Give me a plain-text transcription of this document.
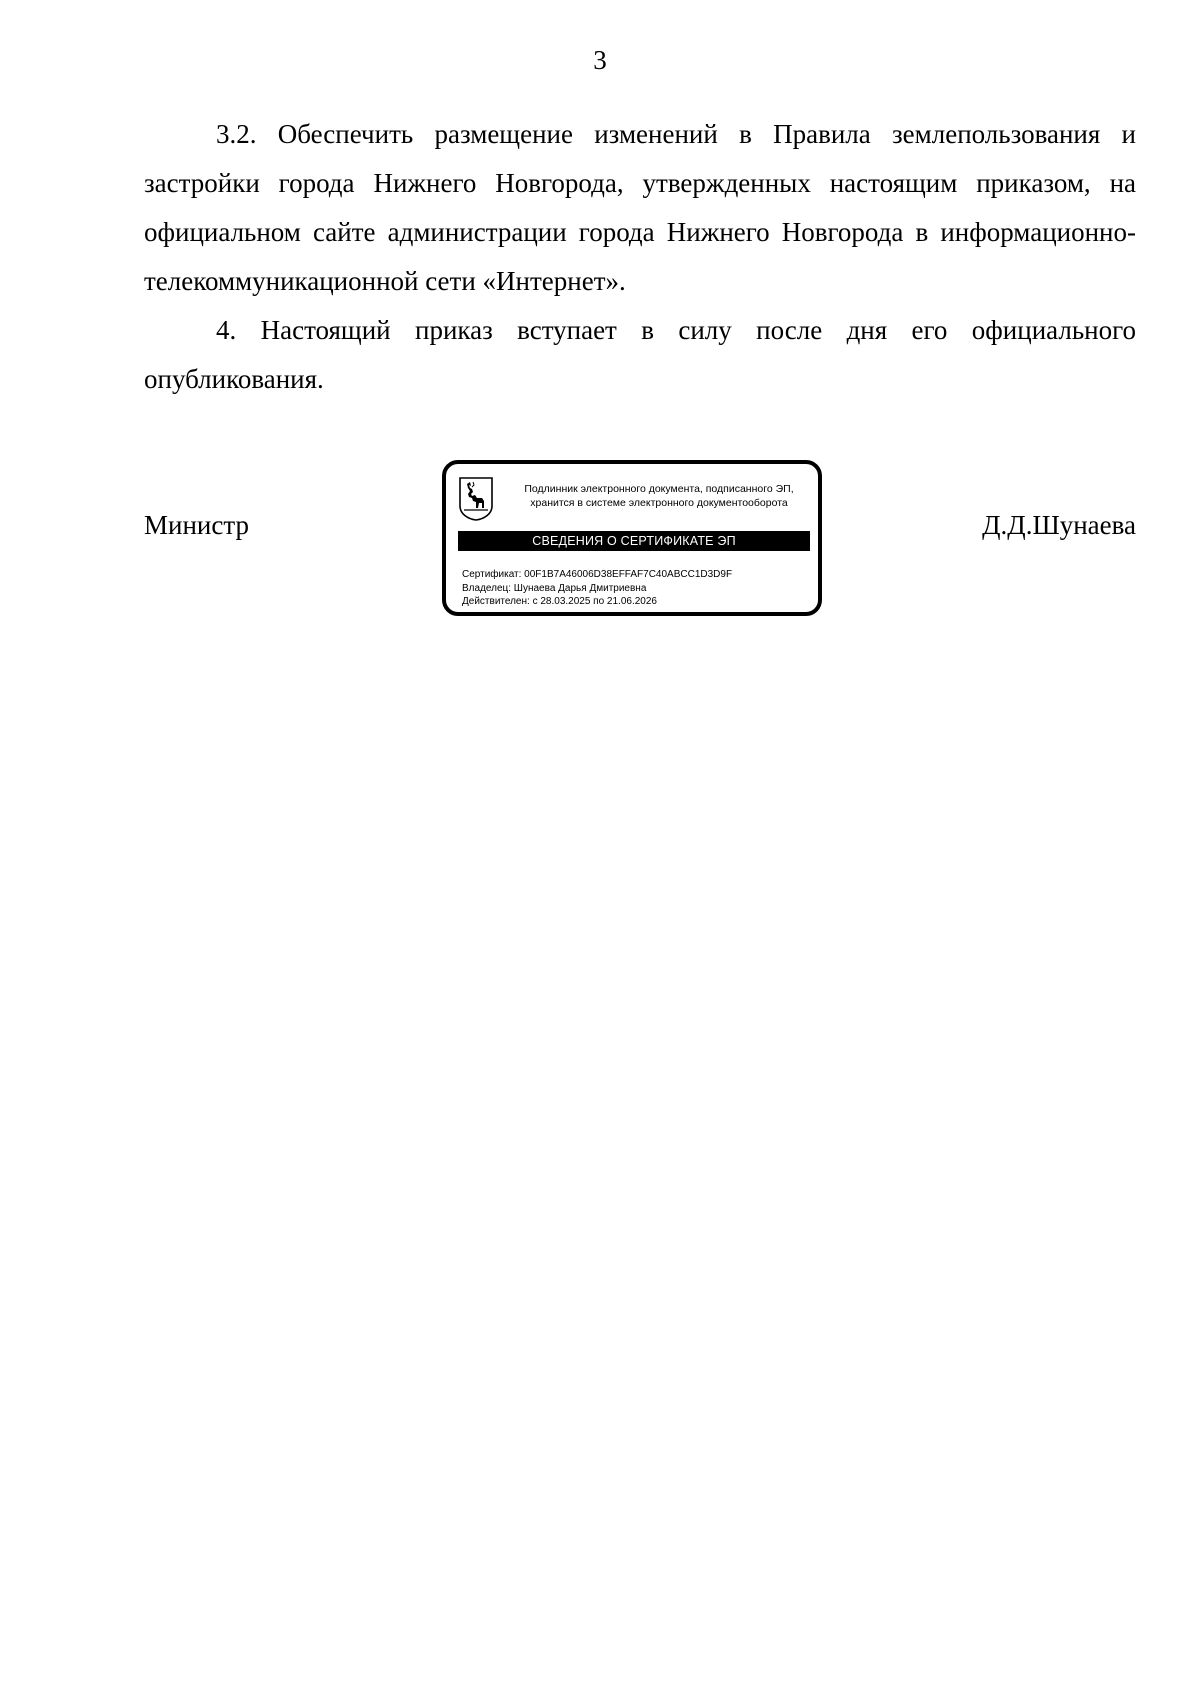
3

3.2. Обеспечить размещение изменений в Правила землепользования и застройки города Нижнего Новгорода, утвержденных настоящим приказом, на официальном сайте администрации города Нижнего Новгорода в информационно-телекоммуникационной сети «Интернет».

4. Настоящий приказ вступает в силу после дня его официального опубликования.

Министр
Подлинник электронного документа, подписанного ЭП,
хранится в системе электронного документооборота
СВЕДЕНИЯ О СЕРТИФИКАТЕ ЭП
Сертификат: 00F1B7A46006D38EFFAF7C40ABCC1D3D9F
Владелец: Шунаева Дарья Дмитриевна
Действителен: с 28.03.2025 по 21.06.2026
Д.Д.Шунаева
